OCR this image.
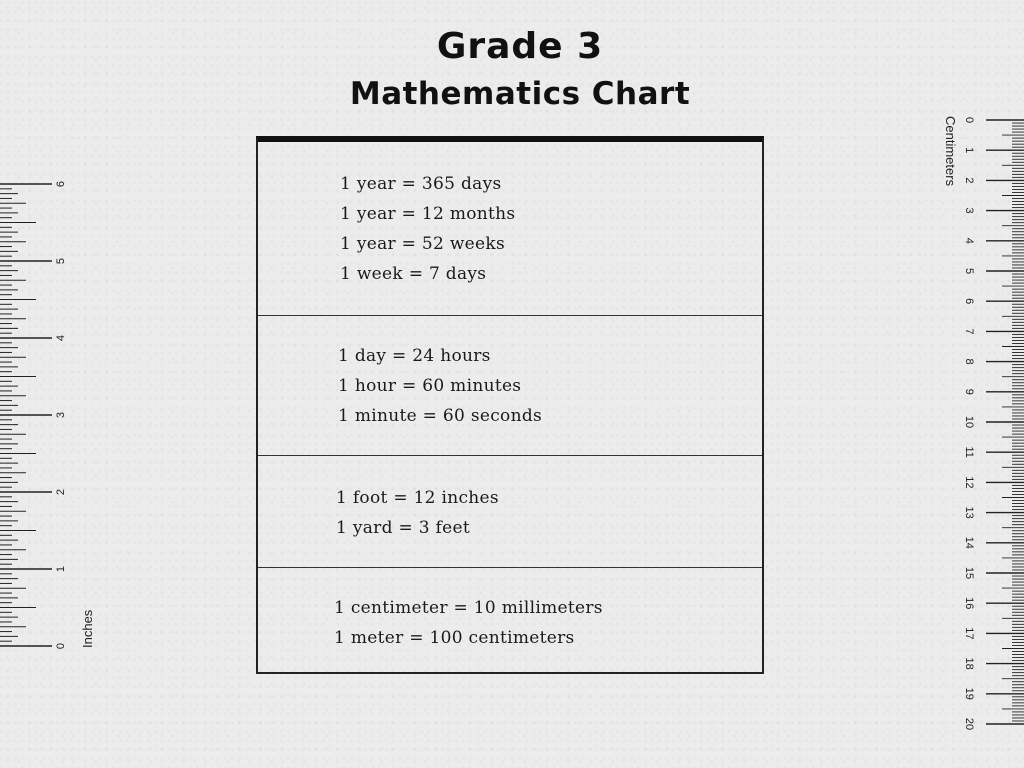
Grade 3
Mathematics Chart
1 year = 365 days
1 year = 12 months
1 year = 52 weeks
1 week = 7 days
1 day = 24 hours
1 hour = 60 minutes
1 minute = 60 seconds
1 foot = 12 inches
1 yard = 3 feet
1 centimeter = 10 millimeters
1 meter = 100 centimeters
0
1
2
3
4
5
6
Inches
0
1
2
3
4
5
6
7
8
9
10
11
12
13
14
15
16
17
18
19
20
Centimeters
